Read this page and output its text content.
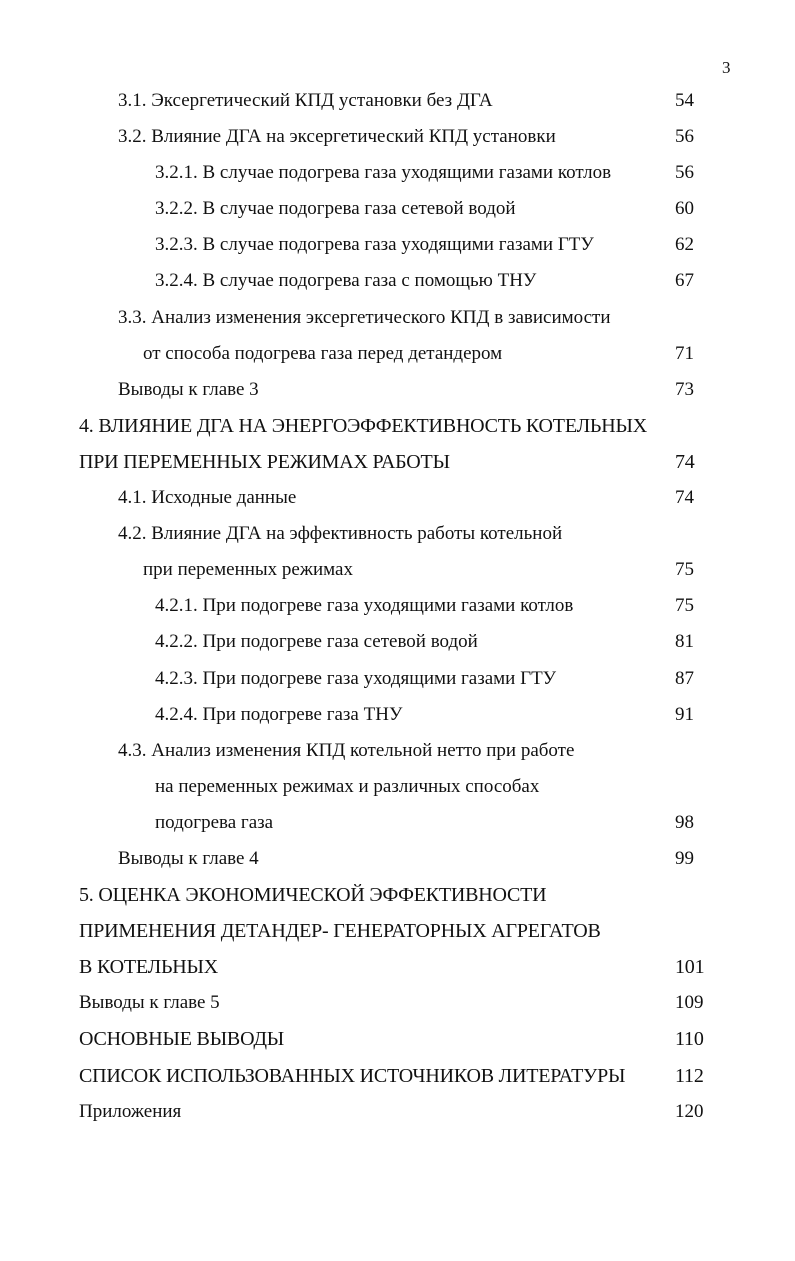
3
3.1. Эксергетический КПД установки без ДГА	54
3.2. Влияние ДГА на эксергетический КПД установки	56
3.2.1. В случае подогрева газа уходящими газами котлов	56
3.2.2. В случае подогрева газа сетевой водой	60
3.2.3. В случае подогрева газа уходящими газами ГТУ	62
3.2.4. В случае подогрева газа с помощью ТНУ	67
3.3. Анализ изменения эксергетического КПД в зависимости
от способа подогрева газа перед детандером	71
Выводы к главе 3	73
4. ВЛИЯНИЕ ДГА НА ЭНЕРГОЭФФЕКТИВНОСТЬ КОТЕЛЬНЫХ
ПРИ ПЕРЕМЕННЫХ РЕЖИМАХ РАБОТЫ	74
4.1. Исходные данные	74
4.2. Влияние ДГА на эффективность работы котельной
при переменных режимах	75
4.2.1. При подогреве газа уходящими газами котлов	75
4.2.2. При подогреве газа сетевой водой	81
4.2.3. При подогреве газа уходящими газами ГТУ	87
4.2.4. При подогреве газа ТНУ	91
4.3. Анализ изменения КПД котельной нетто при работе
на переменных режимах и различных способах
подогрева газа	98
Выводы к главе 4	99
5. ОЦЕНКА ЭКОНОМИЧЕСКОЙ ЭФФЕКТИВНОСТИ
ПРИМЕНЕНИЯ ДЕТАНДЕР- ГЕНЕРАТОРНЫХ АГРЕГАТОВ
В КОТЕЛЬНЫХ	101
Выводы к главе 5	109
ОСНОВНЫЕ ВЫВОДЫ	110
СПИСОК ИСПОЛЬЗОВАННЫХ ИСТОЧНИКОВ ЛИТЕРАТУРЫ 112
Приложения	120
